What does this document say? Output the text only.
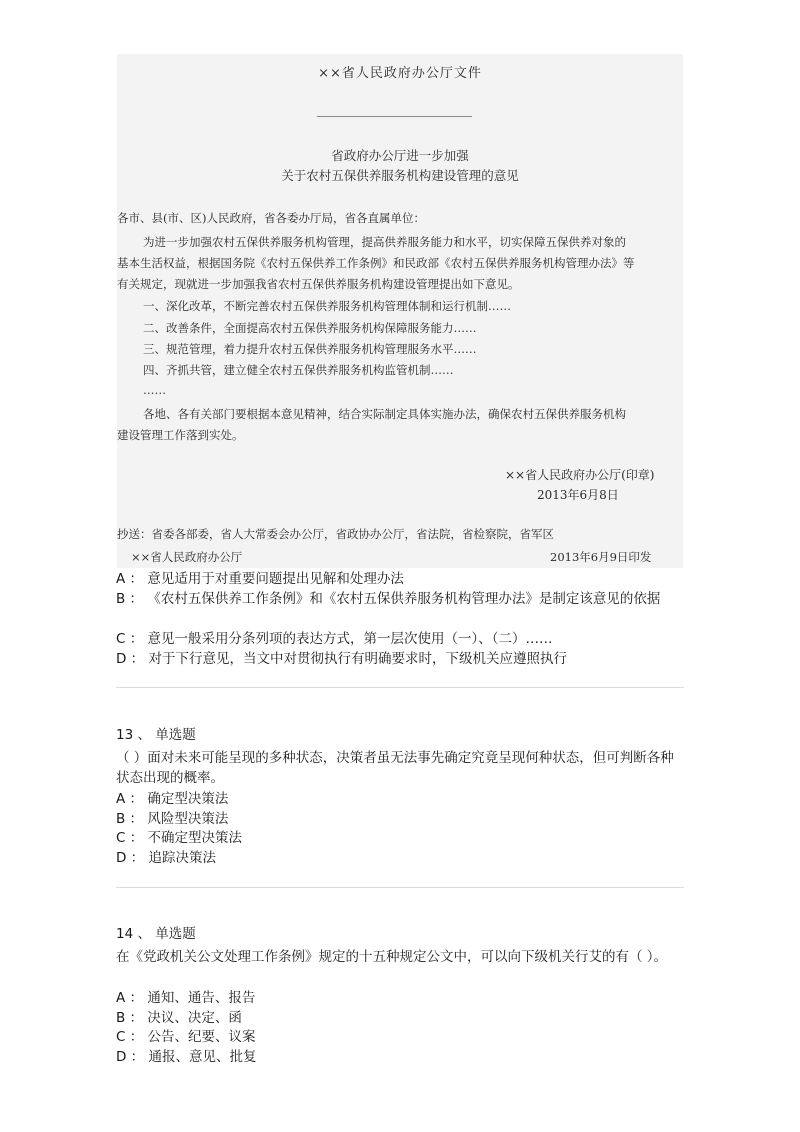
××省人民政府办公厅文件
省政府办公厅进一步加强
关于农村五保供养服务机构建设管理的意见
各市、县(市、区)人民政府，省各委办厅局，省各直属单位：
为进一步加强农村五保供养服务机构管理，提高供养服务能力和水平，切实保障五保供养对象的
基本生活权益，根据国务院《农村五保供养工作条例》和民政部《农村五保供养服务机构管理办法》等
有关规定，现就进一步加强我省农村五保供养服务机构建设管理提出如下意见。
一、深化改革，不断完善农村五保供养服务机构管理体制和运行机制……
二、改善条件，全面提高农村五保供养服务机构保障服务能力……
三、规范管理，着力提升农村五保供养服务机构管理服务水平……
四、齐抓共管，建立健全农村五保供养服务机构监管机制……
……
各地、各有关部门要根据本意见精神，结合实际制定具体实施办法，确保农村五保供养服务机构
建设管理工作落到实处。
××省人民政府办公厅(印章)
2013年6月8日
抄送：省委各部委，省人大常委会办公厅，省政协办公厅，省法院，省检察院，省军区
××省人民政府办公厅	2013年6月9日印发
A ： 意见适用于对重要问题提出见解和处理办法
B ： 《农村五保供养工作条例》和《农村五保供养服务机构管理办法》是制定该意见的依据
C ： 意见一般采用分条列项的表达方式，第一层次使用（一）、（二）……
D ： 对于下行意见，当文中对贯彻执行有明确要求时，下级机关应遵照执行
13 、 单选题
（ ）面对未来可能呈现的多种状态，决策者虽无法事先确定究竟呈现何种状态，但可判断各种状态出现的概率。
A ： 确定型决策法
B ： 风险型决策法
C ： 不确定型决策法
D ： 追踪决策法
14 、 单选题
在《党政机关公文处理工作条例》规定的十五种规定公文中，可以向下级机关行艾的有（ ）。
A ： 通知、通告、报告
B ： 决议、决定、函
C ： 公告、纪要、议案
D ： 通报、意见、批复
